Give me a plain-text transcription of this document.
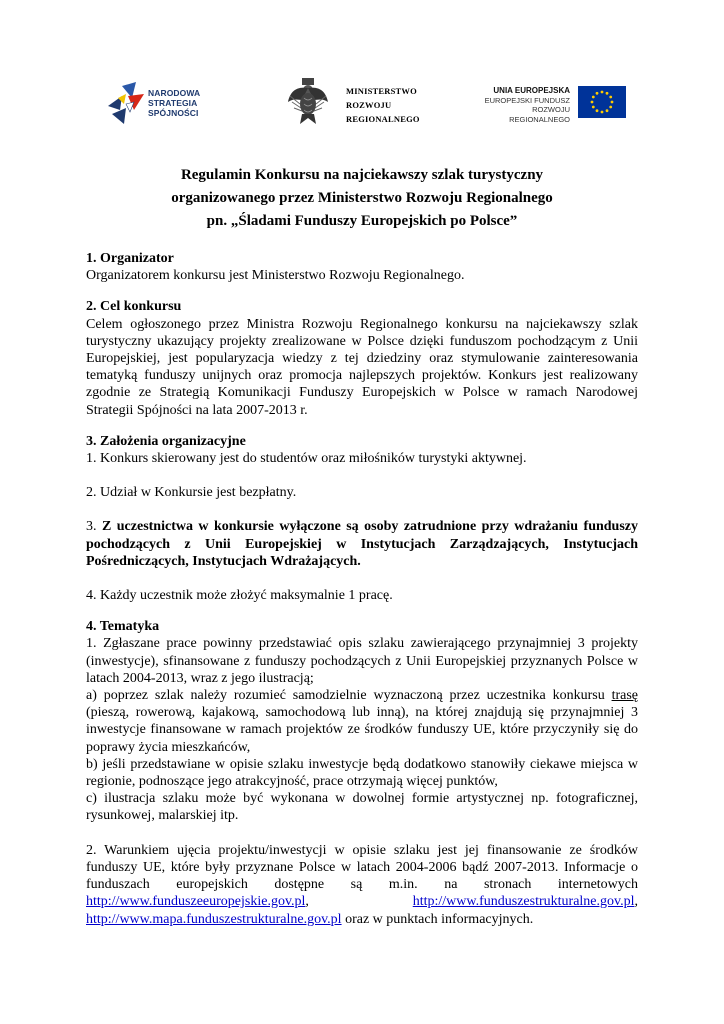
NARODOWA
STRATEGIA SPÓJNOŚCI
MINISTERSTWO
ROZWOJU
REGIONALNEGO
UNIA EUROPEJSKA
EUROPEJSKI FUNDUSZ
ROZWOJU REGIONALNEGO
Regulamin Konkursu na najciekawszy szlak turystyczny
organizowanego przez Ministerstwo Rozwoju Regionalnego
pn. „Śladami Funduszy Europejskich po Polsce”

1. Organizator

Organizatorem konkursu jest Ministerstwo Rozwoju Regionalnego.

2. Cel konkursu

Celem ogłoszonego przez Ministra Rozwoju Regionalnego konkursu na najciekawszy szlak turystyczny ukazujący projekty zrealizowane w Polsce dzięki funduszom pochodzącym z Unii Europejskiej, jest popularyzacja wiedzy z tej dziedziny oraz stymulowanie zainteresowania tematyką funduszy unijnych oraz promocja najlepszych projektów. Konkurs jest realizowany zgodnie ze Strategią Komunikacji Funduszy Europejskich w Polsce w ramach Narodowej Strategii Spójności na lata 2007-2013 r.

3. Założenia organizacyjne

1. Konkurs skierowany jest do studentów oraz miłośników turystyki aktywnej.

2. Udział w Konkursie jest bezpłatny.

3. Z uczestnictwa w konkursie wyłączone są osoby zatrudnione przy wdrażaniu funduszy pochodzących z Unii Europejskiej w Instytucjach Zarządzających, Instytucjach Pośredniczących, Instytucjach Wdrażających.

4. Każdy uczestnik może złożyć maksymalnie 1 pracę.

4. Tematyka

1. Zgłaszane prace powinny przedstawiać opis szlaku zawierającego przynajmniej 3 projekty (inwestycje), sfinansowane z funduszy pochodzących z Unii Europejskiej przyznanych Polsce w latach 2004-2013, wraz z jego ilustracją;

a) poprzez szlak należy rozumieć samodzielnie wyznaczoną przez uczestnika konkursu trasę (pieszą, rowerową, kajakową, samochodową lub inną), na której znajdują się przynajmniej 3 inwestycje finansowane w ramach projektów ze środków funduszy UE, które przyczyniły się do poprawy życia mieszkańców,

b) jeśli przedstawiane w opisie szlaku inwestycje będą dodatkowo stanowiły ciekawe miejsca w regionie, podnoszące jego atrakcyjność, prace otrzymają więcej punktów,

c) ilustracja szlaku może być wykonana w dowolnej formie artystycznej np. fotograficznej, rysunkowej, malarskiej itp.

2. Warunkiem ujęcia projektu/inwestycji w opisie szlaku jest jej finansowanie ze środków funduszy UE, które były przyznane Polsce w latach 2004-2006 bądź 2007-2013. Informacje o funduszach europejskich dostępne są m.in. na stronach internetowych http://www.funduszeeuropejskie.gov.pl, http://www.funduszestrukturalne.gov.pl, http://www.mapa.funduszestrukturalne.gov.pl oraz w punktach informacyjnych.
